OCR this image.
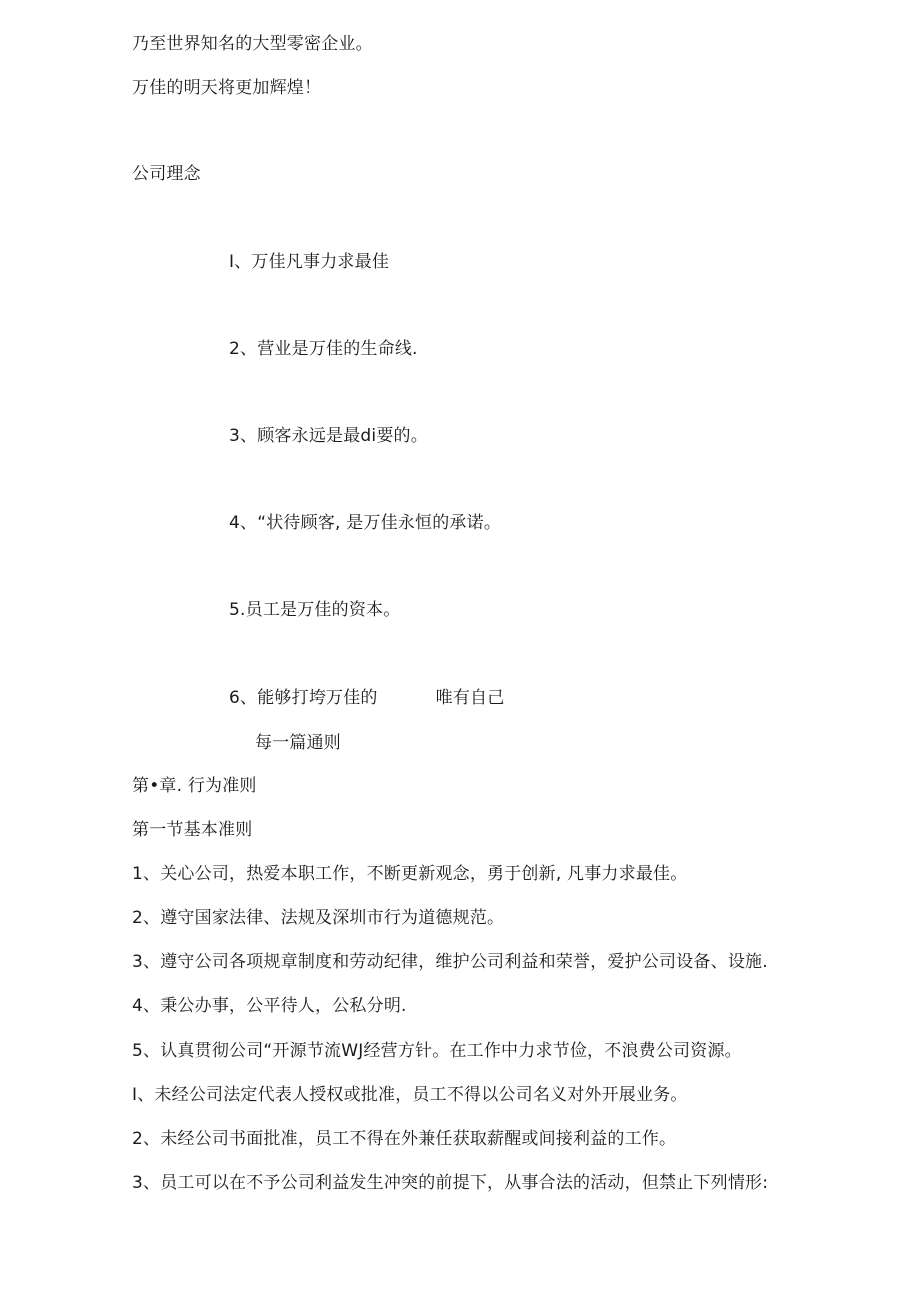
乃至世界知名的大型零密企业。
万佳的明天将更加辉煌！
公司理念
I、万佳凡事力求最佳
2、营业是万佳的生命线.
3、顾客永远是最di要的。
4、“状待顾客, 是万佳永恒的承诺。
5.员工是万佳的资本。
6、能够打垮万佳的	唯有自己
每一篇通则
第•章. 行为准则
第一节基本准则
1、关心公司，热爱本职工作，不断更新观念，勇于创新, 凡事力求最佳。
2、遵守国家法律、法规及深圳市行为道德规范。
3、遵守公司各项规章制度和劳动纪律，维护公司利益和荣誉，爱护公司设备、设施.
4、秉公办事，公平待人，公私分明.
5、认真贯彻公司“开源节流WJ经营方针。在工作中力求节俭，不浪费公司资源。
I、未经公司法定代表人授权或批准，员工不得以公司名义对外开展业务。
2、未经公司书面批准，员工不得在外兼任获取薪醒或间接利益的工作。
3、员工可以在不予公司利益发生冲突的前提下，从事合法的活动，但禁止下列情形:
